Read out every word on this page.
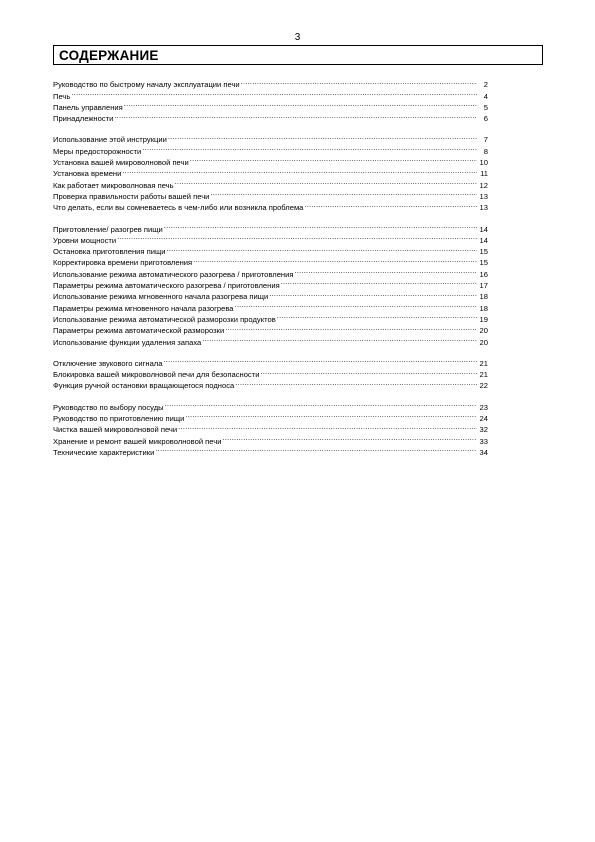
3
СОДЕРЖАНИЕ
Руководство по быстрому началу эксплуатации печи .....	2
Печь .....	4
Панель управления .....	5
Принадлежности .....	6
Использование этой инструкции .....	7
Меры предосторожности .....	8
Установка вашей микроволновой печи .....	10
Установка времени .....	11
Как работает микроволновая печь .....	12
Проверка правильности работы вашей печи .....	13
Что делать, если вы сомневаетесь в чем-либо или возникла проблема .....	13
Приготовление/ разогрев пищи .....	14
Уровни мощности .....	14
Остановка приготовления пищи .....	15
Корректировка времени приготовления .....	15
Использование режима автоматического разогрева / приготовления .....	16
Параметры режима автоматического разогрева / приготовления .....	17
Использование режима мгновенного начала разогрева пищи .....	18
Параметры режима мгновенного начала разогрева .....	18
Использование режима автоматической разморозки продуктов .....	19
Параметры режима автоматической разморозки .....	20
Использование функции удаления запаха .....	20
Отключение звукового сигнала .....	21
Блокировка вашей микроволновой печи для безопасности .....	21
Функция ручной остановки вращающегося подноса .....	22
Руководство по выбору посуды .....	23
Руководство по приготовлению пищи .....	24
Чистка вашей микроволновой печи .....	32
Хранение и ремонт вашей микроволновой печи .....	33
Технические характеристики .....	34
